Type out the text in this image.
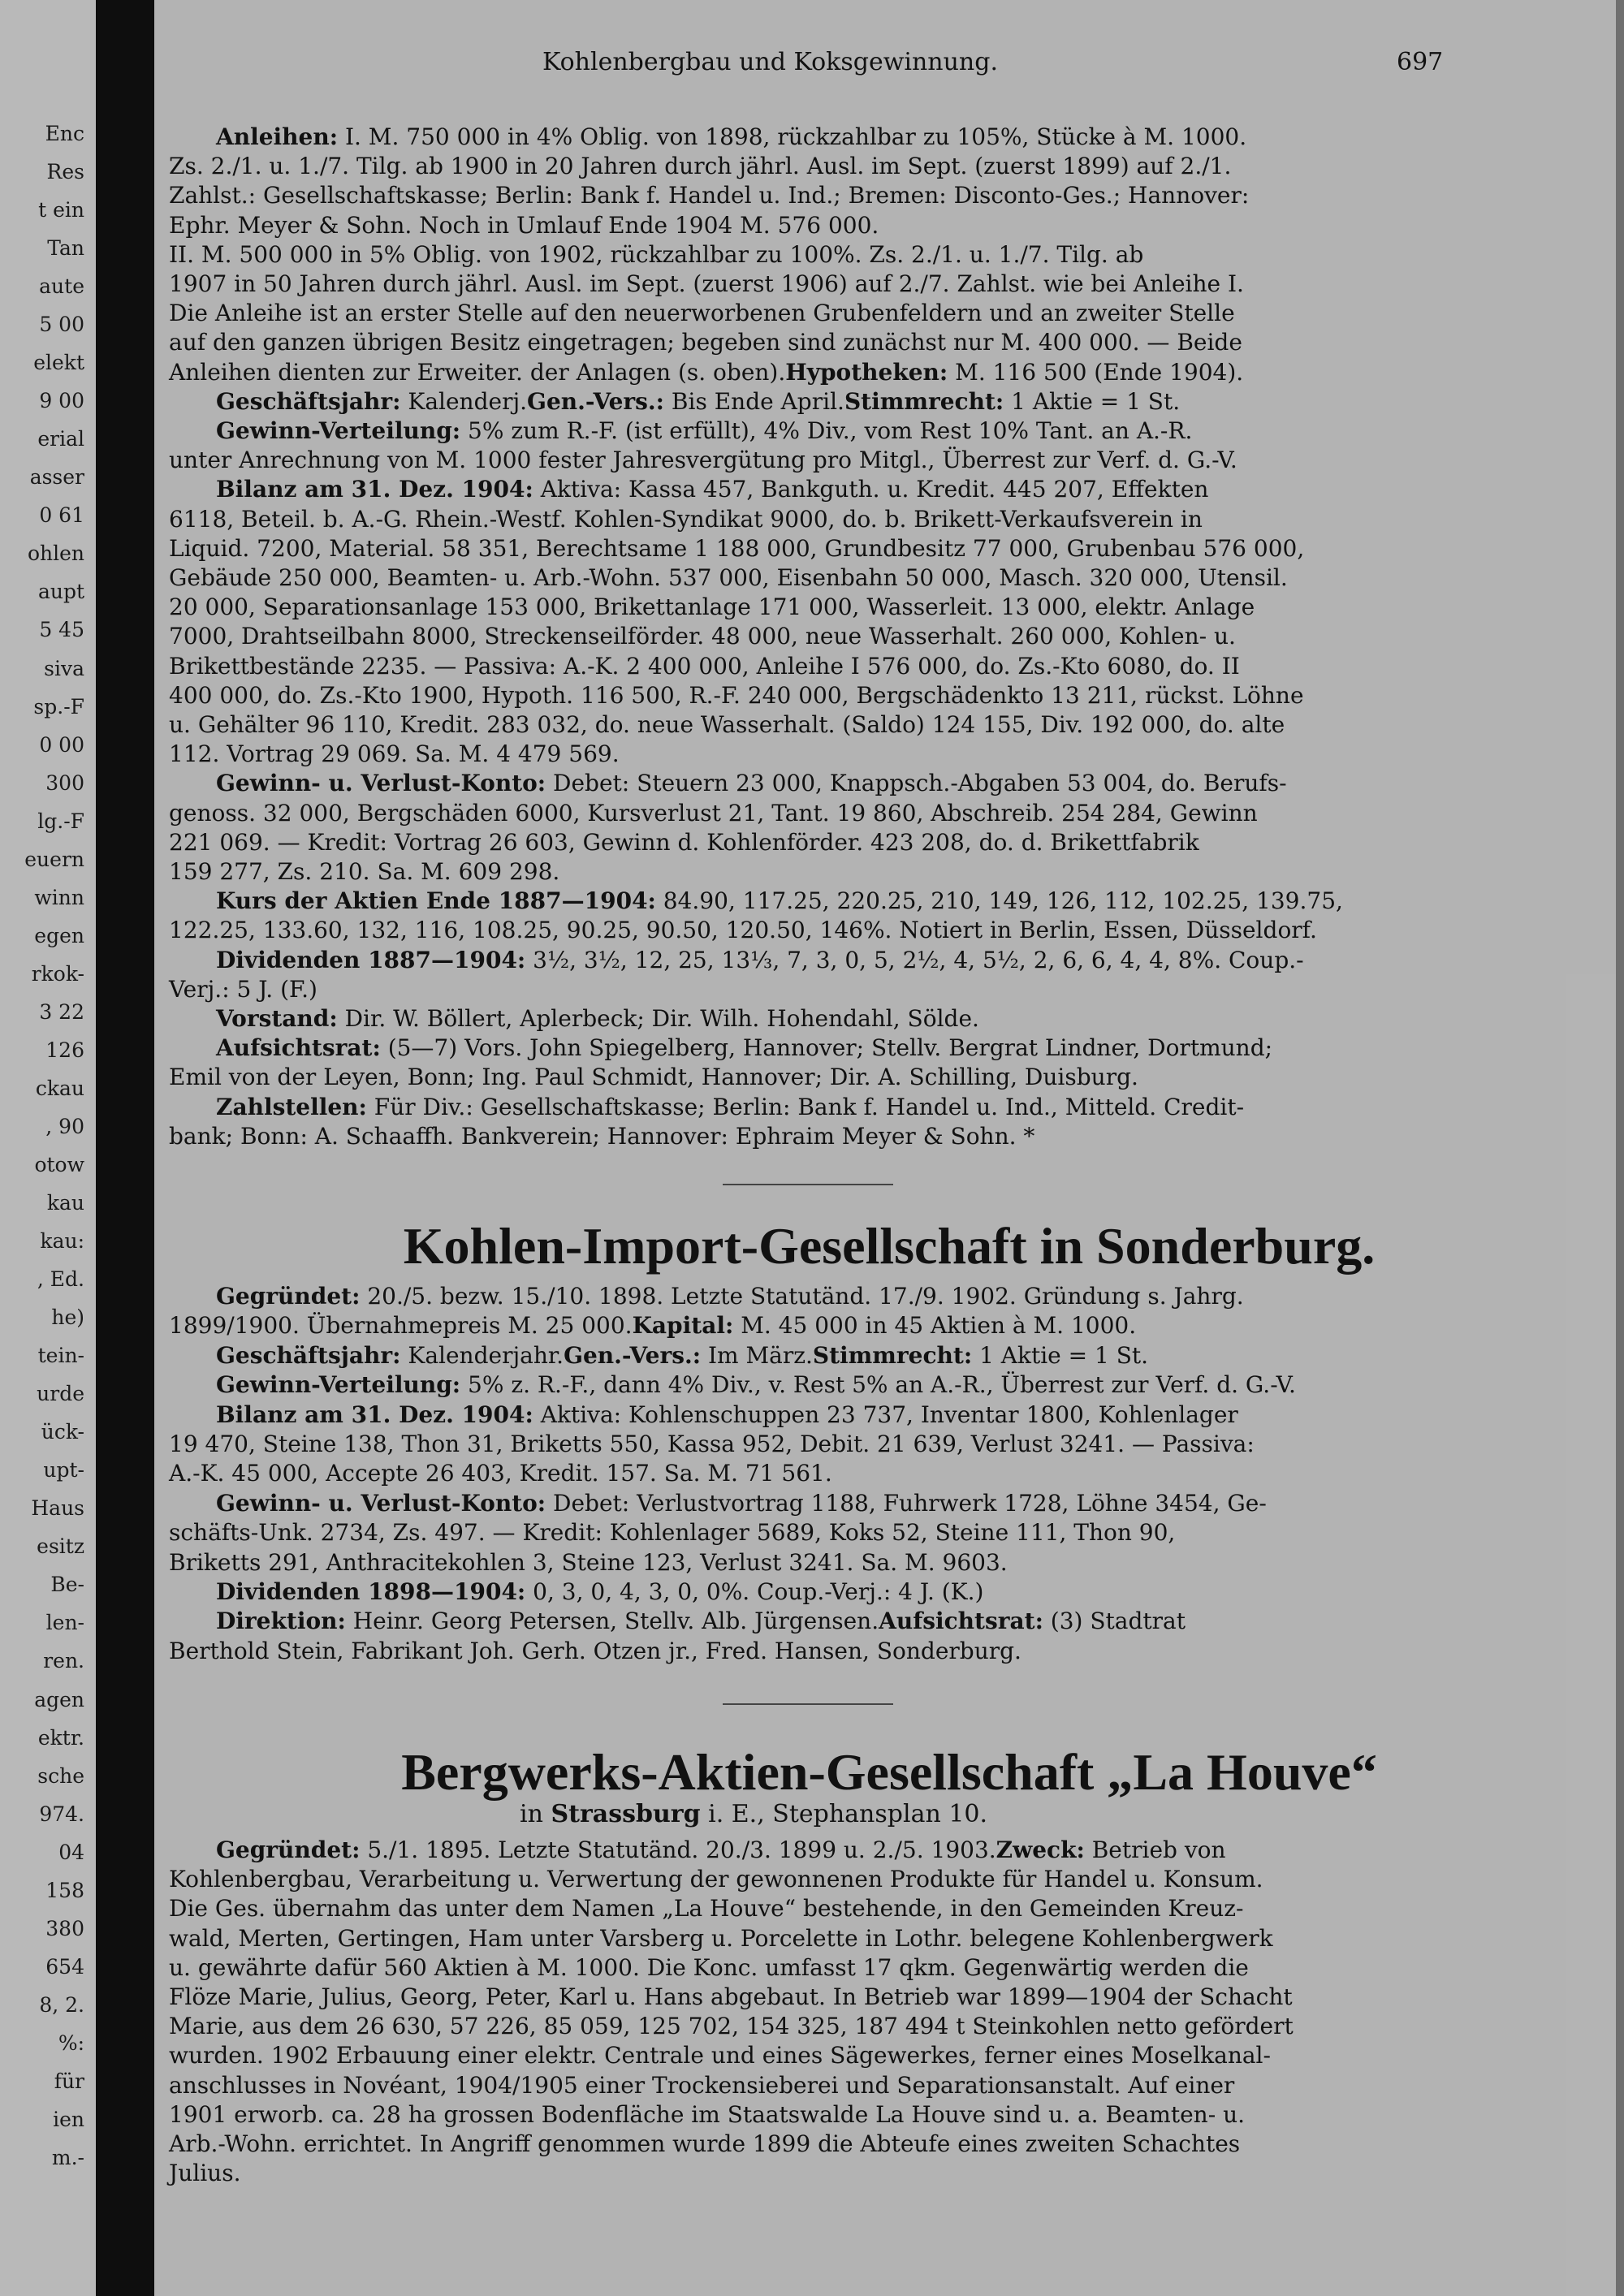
Enc
Res
t ein
Tan
aute
5 00
elekt
9 00
erial
asser
0 61
ohlen
aupt
5 45
siva
sp.-F
0 00
300
lg.-F
euern
winn
egen
rkok-
3 22
126
ckau
, 90
otow
kau
kau:
, Ed.
he)
tein-
urde
ück-
upt-
Haus
esitz
Be-
len-
ren.
agen
ektr.
sche
974.
04
158
380
654
8, 2.
%:
für
ien
m.-
Kohlenbergbau und Koksgewinnung.	697
Anleihen: I. M. 750 000 in 4% Oblig. von 1898, rückzahlbar zu 105%, Stücke à M. 1000.
Zs. 2./1. u. 1./7. Tilg. ab 1900 in 20 Jahren durch jährl. Ausl. im Sept. (zuerst 1899) auf 2./1.
Zahlst.: Gesellschaftskasse; Berlin: Bank f. Handel u. Ind.; Bremen: Disconto-Ges.; Hannover:
Ephr. Meyer & Sohn. Noch in Umlauf Ende 1904 M. 576 000.
II. M. 500 000 in 5% Oblig. von 1902, rückzahlbar zu 100%. Zs. 2./1. u. 1./7. Tilg. ab
1907 in 50 Jahren durch jährl. Ausl. im Sept. (zuerst 1906) auf 2./7. Zahlst. wie bei Anleihe I.
Die Anleihe ist an erster Stelle auf den neuerworbenen Grubenfeldern und an zweiter Stelle
auf den ganzen übrigen Besitz eingetragen; begeben sind zunächst nur M. 400 000. — Beide
Anleihen dienten zur Erweiter. der Anlagen (s. oben).Hypotheken: M. 116 500 (Ende 1904).
Geschäftsjahr: Kalenderj.Gen.-Vers.: Bis Ende April.Stimmrecht: 1 Aktie = 1 St.
Gewinn-Verteilung: 5% zum R.-F. (ist erfüllt), 4% Div., vom Rest 10% Tant. an A.-R.
unter Anrechnung von M. 1000 fester Jahresvergütung pro Mitgl., Überrest zur Verf. d. G.-V.
Bilanz am 31. Dez. 1904: Aktiva: Kassa 457, Bankguth. u. Kredit. 445 207, Effekten
6118, Beteil. b. A.-G. Rhein.-Westf. Kohlen-Syndikat 9000, do. b. Brikett-Verkaufsverein in
Liquid. 7200, Material. 58 351, Berechtsame 1 188 000, Grundbesitz 77 000, Grubenbau 576 000,
Gebäude 250 000, Beamten- u. Arb.-Wohn. 537 000, Eisenbahn 50 000, Masch. 320 000, Utensil.
20 000, Separationsanlage 153 000, Brikettanlage 171 000, Wasserleit. 13 000, elektr. Anlage
7000, Drahtseilbahn 8000, Streckenseilförder. 48 000, neue Wasserhalt. 260 000, Kohlen- u.
Brikettbestände 2235. — Passiva: A.-K. 2 400 000, Anleihe I 576 000, do. Zs.-Kto 6080, do. II
400 000, do. Zs.-Kto 1900, Hypoth. 116 500, R.-F. 240 000, Bergschädenkto 13 211, rückst. Löhne
u. Gehälter 96 110, Kredit. 283 032, do. neue Wasserhalt. (Saldo) 124 155, Div. 192 000, do. alte
112. Vortrag 29 069. Sa. M. 4 479 569.
Gewinn- u. Verlust-Konto: Debet: Steuern 23 000, Knappsch.-Abgaben 53 004, do. Berufs-
genoss. 32 000, Bergschäden 6000, Kursverlust 21, Tant. 19 860, Abschreib. 254 284, Gewinn
221 069. — Kredit: Vortrag 26 603, Gewinn d. Kohlenförder. 423 208, do. d. Brikettfabrik
159 277, Zs. 210. Sa. M. 609 298.
Kurs der Aktien Ende 1887—1904: 84.90, 117.25, 220.25, 210, 149, 126, 112, 102.25, 139.75,
122.25, 133.60, 132, 116, 108.25, 90.25, 90.50, 120.50, 146%. Notiert in Berlin, Essen, Düsseldorf.
Dividenden 1887—1904: 3½, 3½, 12, 25, 13⅓, 7, 3, 0, 5, 2½, 4, 5½, 2, 6, 6, 4, 4, 8%. Coup.-
Verj.: 5 J. (F.)
Vorstand: Dir. W. Böllert, Aplerbeck; Dir. Wilh. Hohendahl, Sölde.
Aufsichtsrat: (5—7) Vors. John Spiegelberg, Hannover; Stellv. Bergrat Lindner, Dortmund;
Emil von der Leyen, Bonn; Ing. Paul Schmidt, Hannover; Dir. A. Schilling, Duisburg.
Zahlstellen: Für Div.: Gesellschaftskasse; Berlin: Bank f. Handel u. Ind., Mitteld. Credit-
bank; Bonn: A. Schaaffh. Bankverein; Hannover: Ephraim Meyer & Sohn. *
Kohlen-Import-Gesellschaft in Sonderburg.
Gegründet: 20./5. bezw. 15./10. 1898. Letzte Statutänd. 17./9. 1902. Gründung s. Jahrg.
1899/1900. Übernahmepreis M. 25 000.Kapital: M. 45 000 in 45 Aktien à M. 1000.
Geschäftsjahr: Kalenderjahr.Gen.-Vers.: Im März.Stimmrecht: 1 Aktie = 1 St.
Gewinn-Verteilung: 5% z. R.-F., dann 4% Div., v. Rest 5% an A.-R., Überrest zur Verf. d. G.-V.
Bilanz am 31. Dez. 1904: Aktiva: Kohlenschuppen 23 737, Inventar 1800, Kohlenlager
19 470, Steine 138, Thon 31, Briketts 550, Kassa 952, Debit. 21 639, Verlust 3241. — Passiva:
A.-K. 45 000, Accepte 26 403, Kredit. 157. Sa. M. 71 561.
Gewinn- u. Verlust-Konto: Debet: Verlustvortrag 1188, Fuhrwerk 1728, Löhne 3454, Ge-
schäfts-Unk. 2734, Zs. 497. — Kredit: Kohlenlager 5689, Koks 52, Steine 111, Thon 90,
Briketts 291, Anthracitekohlen 3, Steine 123, Verlust 3241. Sa. M. 9603.
Dividenden 1898—1904: 0, 3, 0, 4, 3, 0, 0%. Coup.-Verj.: 4 J. (K.)
Direktion: Heinr. Georg Petersen, Stellv. Alb. Jürgensen.Aufsichtsrat: (3) Stadtrat
Berthold Stein, Fabrikant Joh. Gerh. Otzen jr., Fred. Hansen, Sonderburg.
Bergwerks-Aktien-Gesellschaft „La Houve“
in Strassburg i. E., Stephansplan 10.
Gegründet: 5./1. 1895. Letzte Statutänd. 20./3. 1899 u. 2./5. 1903.Zweck: Betrieb von
Kohlenbergbau, Verarbeitung u. Verwertung der gewonnenen Produkte für Handel u. Konsum.
Die Ges. übernahm das unter dem Namen „La Houve“ bestehende, in den Gemeinden Kreuz-
wald, Merten, Gertingen, Ham unter Varsberg u. Porcelette in Lothr. belegene Kohlenbergwerk
u. gewährte dafür 560 Aktien à M. 1000. Die Konc. umfasst 17 qkm. Gegenwärtig werden die
Flöze Marie, Julius, Georg, Peter, Karl u. Hans abgebaut. In Betrieb war 1899—1904 der Schacht
Marie, aus dem 26 630, 57 226, 85 059, 125 702, 154 325, 187 494 t Steinkohlen netto gefördert
wurden. 1902 Erbauung einer elektr. Centrale und eines Sägewerkes, ferner eines Moselkanal-
anschlusses in Novéant, 1904/1905 einer Trockensieberei und Separationsanstalt. Auf einer
1901 erworb. ca. 28 ha grossen Bodenfläche im Staatswalde La Houve sind u. a. Beamten- u.
Arb.-Wohn. errichtet. In Angriff genommen wurde 1899 die Abteufe eines zweiten Schachtes
Julius.
